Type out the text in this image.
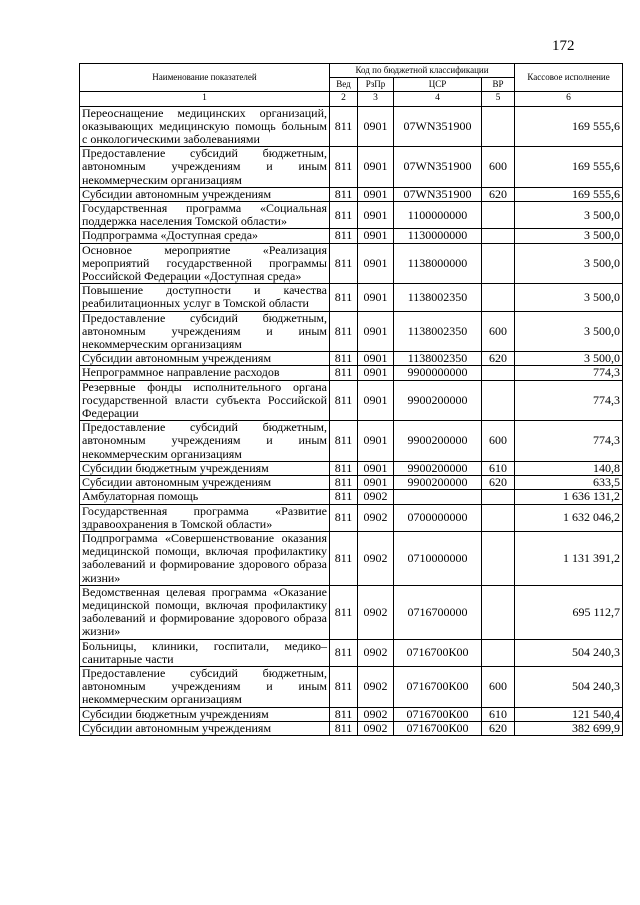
172
Наименование показателей	Код по бюджетной классификации				Кассовое исполнение
	Вед	РзПр	ЦСР	ВР	
1	2	3	4	5	6
Переоснащение медицинских организаций, оказывающих медицинскую помощь больным с онкологическими заболеваниями	811	0901	07WN351900		169 555,6
Предоставление субсидий бюджетным, автономным учреждениям и иным некоммерческим организациям	811	0901	07WN351900	600	169 555,6
Субсидии автономным учреждениям	811	0901	07WN351900	620	169 555,6
Государственная программа «Социальная поддержка населения Томской области»	811	0901	1100000000		3 500,0
Подпрограмма «Доступная среда»	811	0901	1130000000		3 500,0
Основное мероприятие «Реализация мероприятий государственной программы Российской Федерации «Доступная среда»	811	0901	1138000000		3 500,0
Повышение доступности и качества реабилитационных услуг в Томской области	811	0901	1138002350		3 500,0
Предоставление субсидий бюджетным, автономным учреждениям и иным некоммерческим организациям	811	0901	1138002350	600	3 500,0
Субсидии автономным учреждениям	811	0901	1138002350	620	3 500,0
Непрограммное направление расходов	811	0901	9900000000		774,3
Резервные фонды исполнительного органа государственной власти субъекта Российской Федерации	811	0901	9900200000		774,3
Предоставление субсидий бюджетным, автономным учреждениям и иным некоммерческим организациям	811	0901	9900200000	600	774,3
Субсидии бюджетным учреждениям	811	0901	9900200000	610	140,8
Субсидии автономным учреждениям	811	0901	9900200000	620	633,5
Амбулаторная помощь	811	0902			1 636 131,2
Государственная программа «Развитие здравоохранения в Томской области»	811	0902	0700000000		1 632 046,2
Подпрограмма «Совершенствование оказания медицинской помощи, включая профилактику заболеваний и формирование здорового образа жизни»	811	0902	0710000000		1 131 391,2
Ведомственная целевая программа «Оказание медицинской помощи, включая профилактику заболеваний и формирование здорового образа жизни»	811	0902	0716700000		695 112,7
Больницы, клиники, госпитали, медико–санитарные части	811	0902	0716700К00		504 240,3
Предоставление субсидий бюджетным, автономным учреждениям и иным некоммерческим организациям	811	0902	0716700К00	600	504 240,3
Субсидии бюджетным учреждениям	811	0902	0716700К00	610	121 540,4
Субсидии автономным учреждениям	811	0902	0716700К00	620	382 699,9
